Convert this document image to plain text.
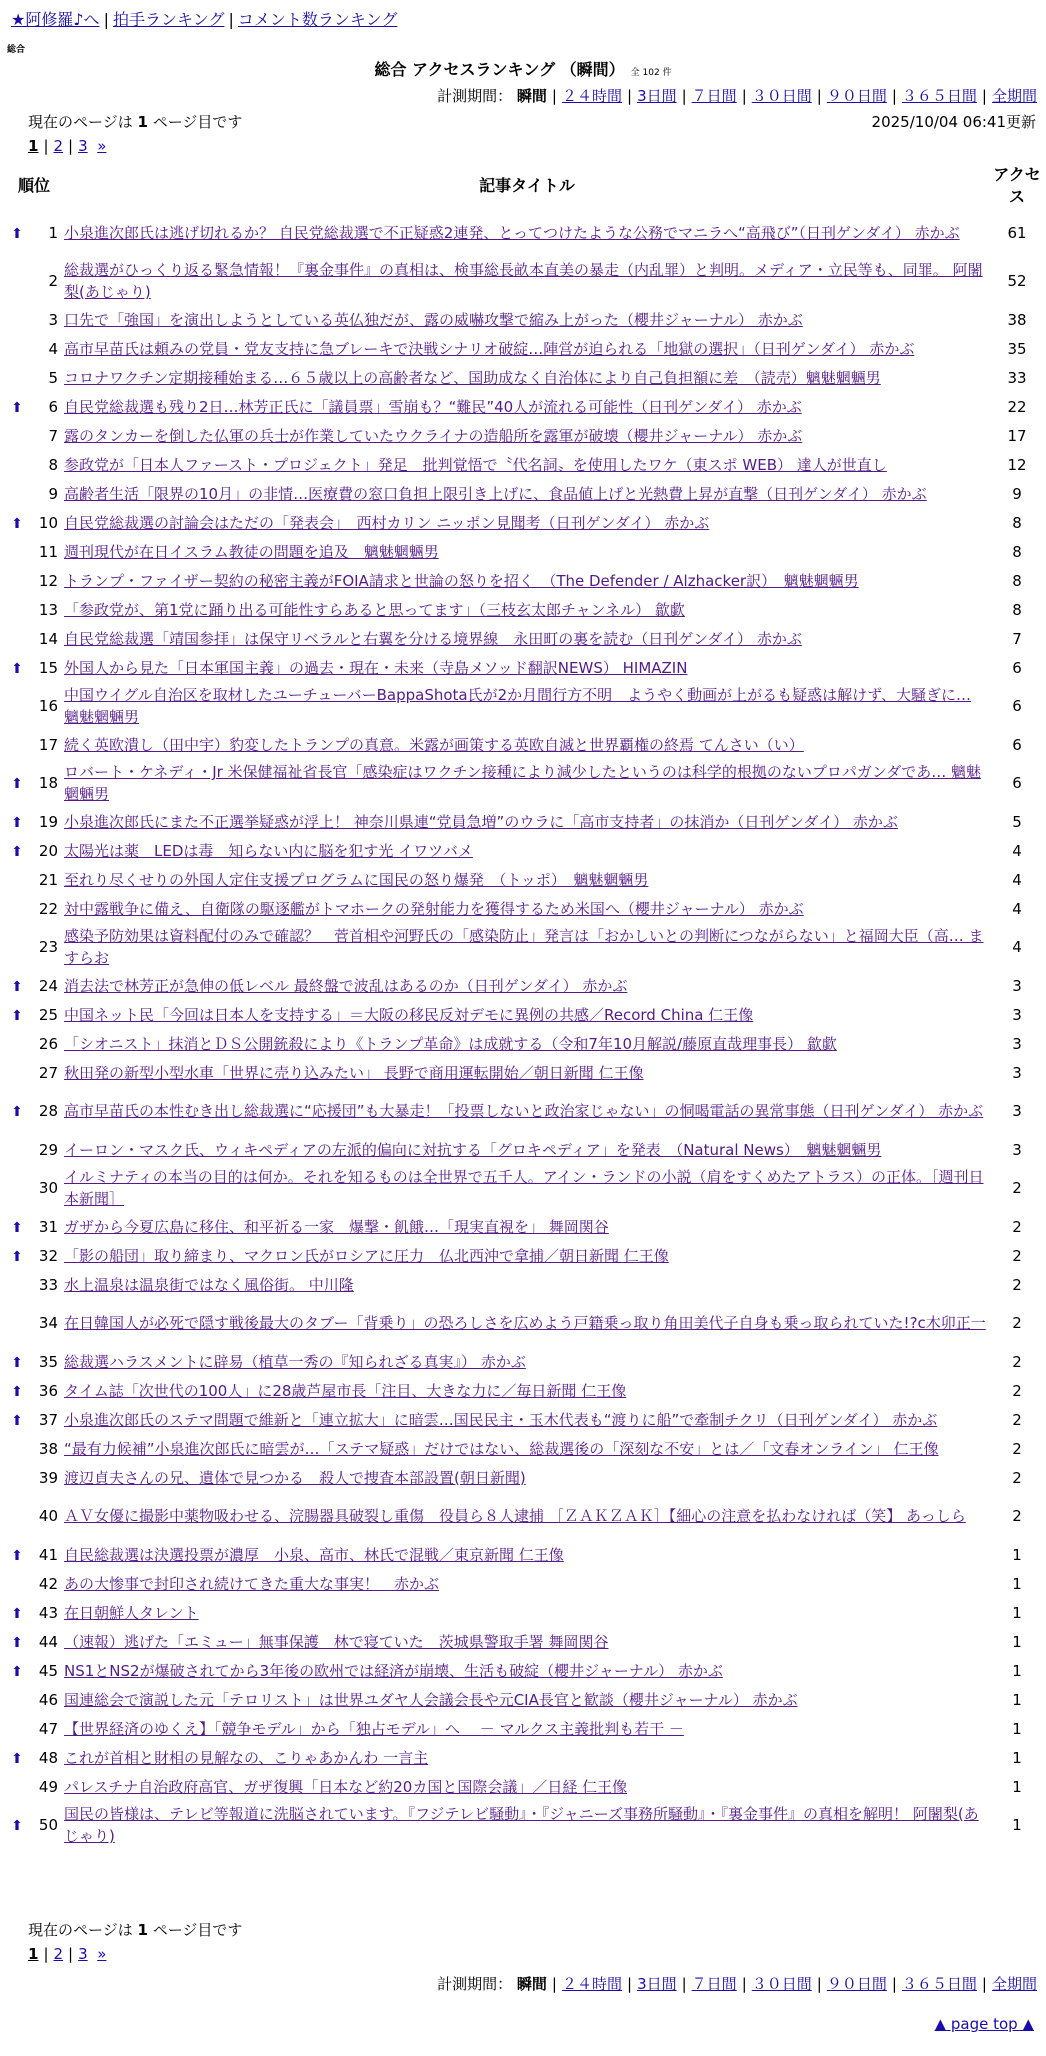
★阿修羅♪へ | 拍手ランキング | コメント数ランキング
総合
総合 アクセスランキング （瞬間） 全 102 件
計測期間： 瞬間 | ２４時間 | 3日間 | ７日間 | ３０日間 | ９０日間 | ３６５日間 | 全期間
現在のページは 1 ページ目です	2025/10/04 06:41更新
1 | 2 | 3 »
順位		記事タイトル	アクセス
⬆	1	小泉進次郎氏は逃げ切れるか？ 自民党総裁選で不正疑惑2連発、とってつけたような公務でマニラへ“高飛び”（日刊ゲンダイ） 赤かぶ	61
	2	総裁選がひっくり返る緊急情報！『裏金事件』の真相は、検事総長畝本直美の暴走（内乱罪）と判明。メディア・立民等も、同罪。 阿闍梨(あじゃり)	52
	3	口先で「強国」を演出しようとしている英仏独だが、露の威嚇攻撃で縮み上がった（櫻井ジャーナル） 赤かぶ	38
	4	高市早苗氏は頼みの党員・党友支持に急ブレーキで決戦シナリオ破綻…陣営が迫られる「地獄の選択」（日刊ゲンダイ） 赤かぶ	35
	5	コロナワクチン定期接種始まる…６５歳以上の高齢者など、国助成なく自治体により自己負担額に差　（読売）魑魅魍魎男	33
⬆	6	自民党総裁選も残り2日…林芳正氏に「議員票」雪崩も？“難民”40人が流れる可能性（日刊ゲンダイ） 赤かぶ	22
	7	露のタンカーを倒した仏軍の兵士が作業していたウクライナの造船所を露軍が破壊（櫻井ジャーナル） 赤かぶ	17
	8	参政党が「日本人ファースト・プロジェクト」発足　批判覚悟で〝代名詞〟を使用したワケ（東スポ WEB） 達人が世直し	12
	9	高齢者生活「限界の10月」の非情…医療費の窓口負担上限引き上げに、食品値上げと光熱費上昇が直撃（日刊ゲンダイ） 赤かぶ	9
⬆	10	自民党総裁選の討論会はただの「発表会」　西村カリン ニッポン見聞考（日刊ゲンダイ） 赤かぶ	8
	11	週刊現代が在日イスラム教徒の問題を追及　魑魅魍魎男	8
	12	トランプ・ファイザー契約の秘密主義がFOIA請求と世論の怒りを招く　（The Defender / Alzhacker訳）　魑魅魍魎男	8
	13	「参政党が、第1党に踊り出る可能性すらあると思ってます」（三枝玄太郎チャンネル） 歙歔	8
	14	自民党総裁選「靖国参拝」は保守リベラルと右翼を分ける境界線　永田町の裏を読む（日刊ゲンダイ） 赤かぶ	7
⬆	15	外国人から見た「日本軍国主義」の過去・現在・未来（寺島メソッド翻訳NEWS） HIMAZIN	6
	16	中国ウイグル自治区を取材したユーチューバーBappaShota氏が2か月間行方不明　ようやく動画が上がるも疑惑は解けず、大騒ぎに… 魑魅魍魎男	6
	17	続く英欧潰し（田中宇）豹変したトランプの真意。米露が画策する英欧自滅と世界覇権の終焉 てんさい（い）	6
⬆	18	ロバート・ケネディ・Jr 米保健福祉省長官「感染症はワクチン接種により減少したというのは科学的根拠のないプロパガンダであ… 魑魅魍魎男	6
⬆	19	小泉進次郎氏にまた不正選挙疑惑が浮上！ 神奈川県連“党員急増”のウラに「高市支持者」の抹消か（日刊ゲンダイ） 赤かぶ	5
⬆	20	太陽光は薬　LEDは毒　知らない内に脳を犯す光 イワツバメ	4
	21	至れり尽くせりの外国人定住支援プログラムに国民の怒り爆発　（トッポ）　魑魅魍魎男	4
	22	対中露戦争に備え、自衛隊の駆逐艦がトマホークの発射能力を獲得するため米国へ（櫻井ジャーナル） 赤かぶ	4
	23	感染予防効果は資料配付のみで確認？　菅首相や河野氏の「感染防止」発言は「おかしいとの判断につながらない」と福岡大臣（高… ますらお	4
⬆	24	消去法で林芳正が急伸の低レベル 最終盤で波乱はあるのか（日刊ゲンダイ） 赤かぶ	3
⬆	25	中国ネット民「今回は日本人を支持する」＝大阪の移民反対デモに異例の共感／Record China 仁王像	3
	26	「シオニスト」抹消とＤＳ公開銃殺により《トランプ革命》は成就する（令和7年10月解説/藤原直哉理事長） 歙歔	3
	27	秋田発の新型小型水車「世界に売り込みたい」 長野で商用運転開始／朝日新聞 仁王像	3
⬆	28	高市早苗氏の本性むき出し総裁選に“応援団”も大暴走！「投票しないと政治家じゃない」の恫喝電話の異常事態（日刊ゲンダイ） 赤かぶ	3
	29	イーロン・マスク氏、ウィキペディアの左派的偏向に対抗する「グロキペディア」を発表　（Natural News）　魑魅魍魎男	3
	30	イルミナティの本当の目的は何か。それを知るものは全世界で五千人。アイン・ランドの小説（肩をすくめたアトラス）の正体。［週刊日本新聞］	2
⬆	31	ガザから今夏広島に移住、和平祈る一家　爆撃・飢餓…「現実直視を」 舞岡関谷	2
⬆	32	「影の船団」取り締まり、マクロン氏がロシアに圧力　仏北西沖で拿捕／朝日新聞 仁王像	2
	33	水上温泉は温泉街ではなく風俗街。 中川隆	2
	34	在日韓国人が必死で隠す戦後最大のタブー「背乗り」の恐ろしさを広めよう戸籍乗っ取り角田美代子自身も乗っ取られていた!?c木卯正一	2
⬆	35	総裁選ハラスメントに辟易（植草一秀の『知られざる真実』） 赤かぶ	2
⬆	36	タイム誌「次世代の100人」に28歳芦屋市長「注目、大きな力に／毎日新聞 仁王像	2
⬆	37	小泉進次郎氏のステマ問題で維新と「連立拡大」に暗雲…国民民主・玉木代表も“渡りに船”で牽制チクリ（日刊ゲンダイ） 赤かぶ	2
	38	“最有力候補”小泉進次郎氏に暗雲が…「ステマ疑惑」だけではない、総裁選後の「深刻な不安」とは／「文春オンライン」 仁王像	2
	39	渡辺貞夫さんの兄、遺体で見つかる　殺人で捜査本部設置(朝日新聞)	2
	40	ＡＶ女優に撮影中薬物吸わせる、浣腸器具破裂し重傷　役員ら８人逮捕 ［ＺＡＫＺＡＫ］【細心の注意を払わなければ（笑】 あっしら	2
⬆	41	自民総裁選は決選投票が濃厚　小泉、高市、林氏で混戦／東京新聞 仁王像	1
	42	あの大惨事で封印され続けてきた重大な事実！　赤かぶ	1
⬆	43	在日朝鮮人タレント	1
⬆	44	（速報）逃げた「エミュー」無事保護　林で寝ていた　茨城県警取手署 舞岡関谷	1
⬆	45	NS1とNS2が爆破されてから3年後の欧州では経済が崩壊、生活も破綻（櫻井ジャーナル） 赤かぶ	1
	46	国連総会で演説した元「テロリスト」は世界ユダヤ人会議会長や元CIA長官と歓談（櫻井ジャーナル） 赤かぶ	1
	47	【世界経済のゆくえ】「競争モデル」から「独占モデル」へ　 － マルクス主義批判も若干 －	1
⬆	48	これが首相と財相の見解なの、こりゃあかんわ 一言主	1
	49	パレスチナ自治政府高官、ガザ復興「日本など約20カ国と国際会議」／日経 仁王像	1
⬆	50	国民の皆様は、テレビ等報道に洗脳されています。『フジテレビ騒動』・『ジャニーズ事務所騒動』・『裏金事件』の真相を解明！ 阿闍梨(あじゃり)	1
現在のページは 1 ページ目です
1 | 2 | 3 »
計測期間： 瞬間 | ２４時間 | 3日間 | ７日間 | ３０日間 | ９０日間 | ３６５日間 | 全期間
▲ page top ▲
